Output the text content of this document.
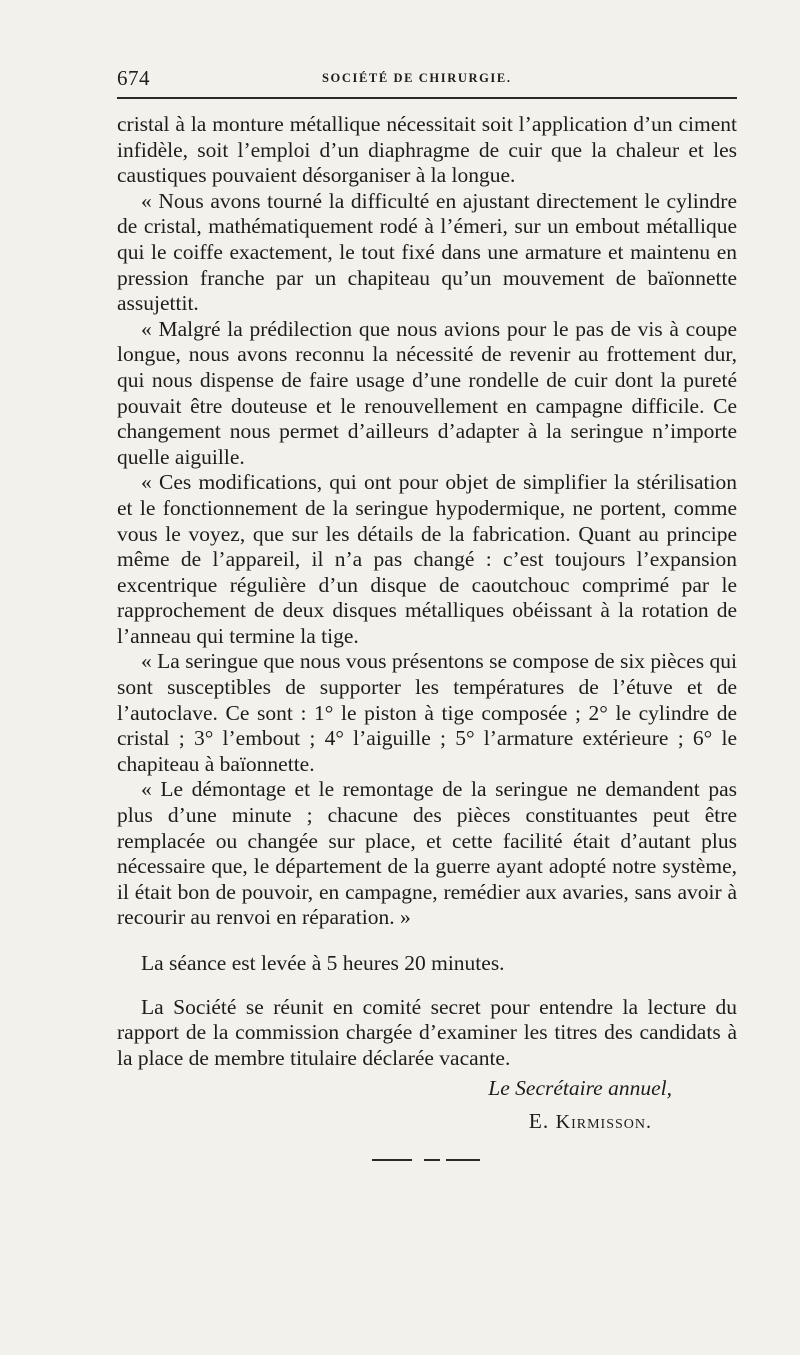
674	SOCIÉTÉ DE CHIRURGIE.

cristal à la monture métallique nécessitait soit l’application d’un ciment infidèle, soit l’emploi d’un diaphragme de cuir que la chaleur et les caustiques pouvaient désorganiser à la longue.

« Nous avons tourné la difficulté en ajustant directement le cylindre de cristal, mathématiquement rodé à l’émeri, sur un embout métallique qui le coiffe exactement, le tout fixé dans une armature et maintenu en pression franche par un chapiteau qu’un mouvement de baïonnette assujettit.

« Malgré la prédilection que nous avions pour le pas de vis à coupe longue, nous avons reconnu la nécessité de revenir au frottement dur, qui nous dispense de faire usage d’une rondelle de cuir dont la pureté pouvait être douteuse et le renouvellement en campagne difficile. Ce changement nous permet d’ailleurs d’adapter à la seringue n’importe quelle aiguille.

« Ces modifications, qui ont pour objet de simplifier la stérilisation et le fonctionnement de la seringue hypodermique, ne portent, comme vous le voyez, que sur les détails de la fabrication. Quant au principe même de l’appareil, il n’a pas changé : c’est toujours l’expansion excentrique régulière d’un disque de caoutchouc comprimé par le rapprochement de deux disques métalliques obéissant à la rotation de l’anneau qui termine la tige.

« La seringue que nous vous présentons se compose de six pièces qui sont susceptibles de supporter les températures de l’étuve et de l’autoclave. Ce sont : 1° le piston à tige composée ; 2° le cylindre de cristal ; 3° l’embout ; 4° l’aiguille ; 5° l’armature extérieure ; 6° le chapiteau à baïonnette.

« Le démontage et le remontage de la seringue ne demandent pas plus d’une minute ; chacune des pièces constituantes peut être remplacée ou changée sur place, et cette facilité était d’autant plus nécessaire que, le département de la guerre ayant adopté notre système, il était bon de pouvoir, en campagne, remédier aux avaries, sans avoir à recourir au renvoi en réparation. »

La séance est levée à 5 heures 20 minutes.

La Société se réunit en comité secret pour entendre la lecture du rapport de la commission chargée d’examiner les titres des candidats à la place de membre titulaire déclarée vacante.

Le Secrétaire annuel,
E. Kirmisson.
